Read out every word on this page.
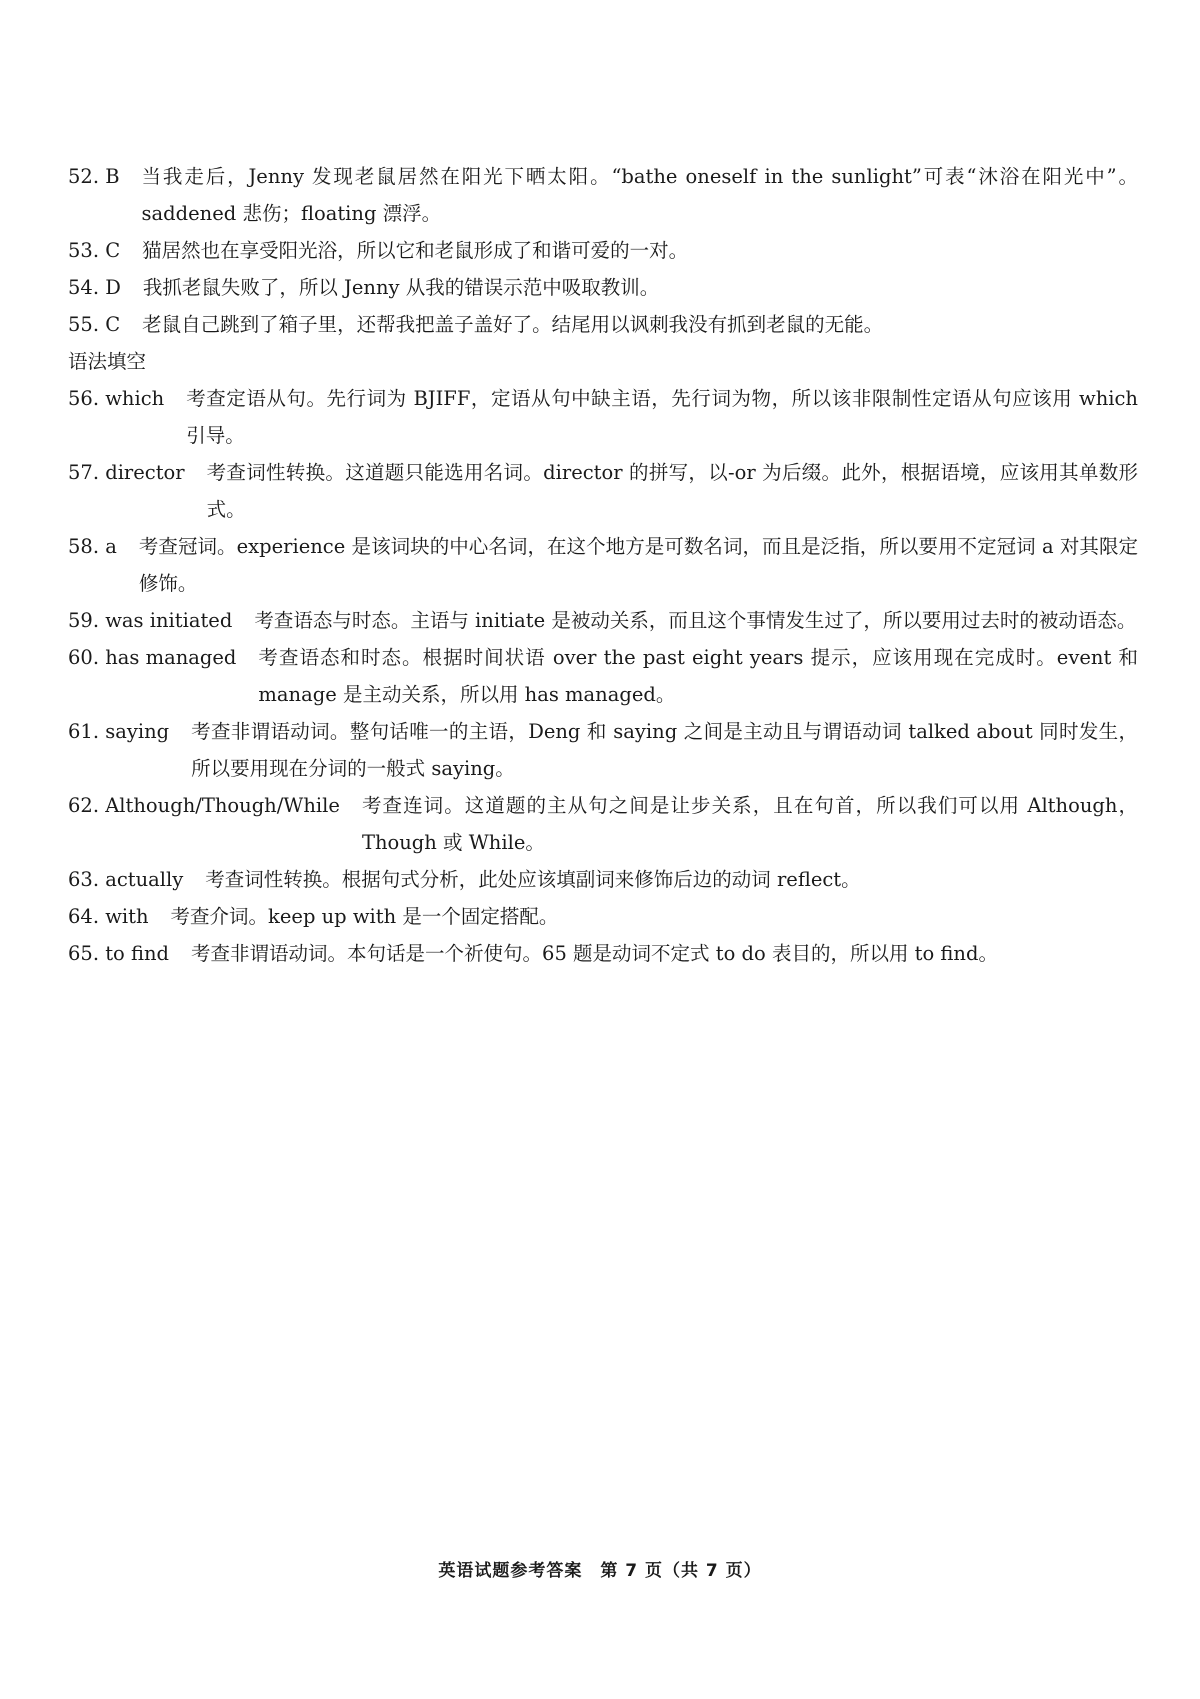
52. B	当我走后，Jenny 发现老鼠居然在阳光下晒太阳。“bathe oneself in the sunlight”可表“沐浴在阳光中”。saddened 悲伤；floating 漂浮。
53. C	猫居然也在享受阳光浴，所以它和老鼠形成了和谐可爱的一对。
54. D	我抓老鼠失败了，所以 Jenny 从我的错误示范中吸取教训。
55. C	老鼠自己跳到了箱子里，还帮我把盖子盖好了。结尾用以讽刺我没有抓到老鼠的无能。
语法填空
56. which	考查定语从句。先行词为 BJIFF，定语从句中缺主语，先行词为物，所以该非限制性定语从句应该用 which 引导。
57. director	考查词性转换。这道题只能选用名词。director 的拼写，以-or 为后缀。此外，根据语境，应该用其单数形式。
58. a	考查冠词。experience 是该词块的中心名词，在这个地方是可数名词，而且是泛指，所以要用不定冠词 a 对其限定修饰。
59. was initiated	考查语态与时态。主语与 initiate 是被动关系，而且这个事情发生过了，所以要用过去时的被动语态。
60. has managed	考查语态和时态。根据时间状语 over the past eight years 提示，应该用现在完成时。event 和 manage 是主动关系，所以用 has managed。
61. saying	考查非谓语动词。整句话唯一的主语，Deng 和 saying 之间是主动且与谓语动词 talked about 同时发生，所以要用现在分词的一般式 saying。
62. Although/Though/While	考查连词。这道题的主从句之间是让步关系，且在句首，所以我们可以用 Although，Though 或 While。
63. actually	考查词性转换。根据句式分析，此处应该填副词来修饰后边的动词 reflect。
64. with	考查介词。keep up with 是一个固定搭配。
65. to find	考查非谓语动词。本句话是一个祈使句。65 题是动词不定式 to do 表目的，所以用 to find。
英语试题参考答案　第 7 页（共 7 页）
